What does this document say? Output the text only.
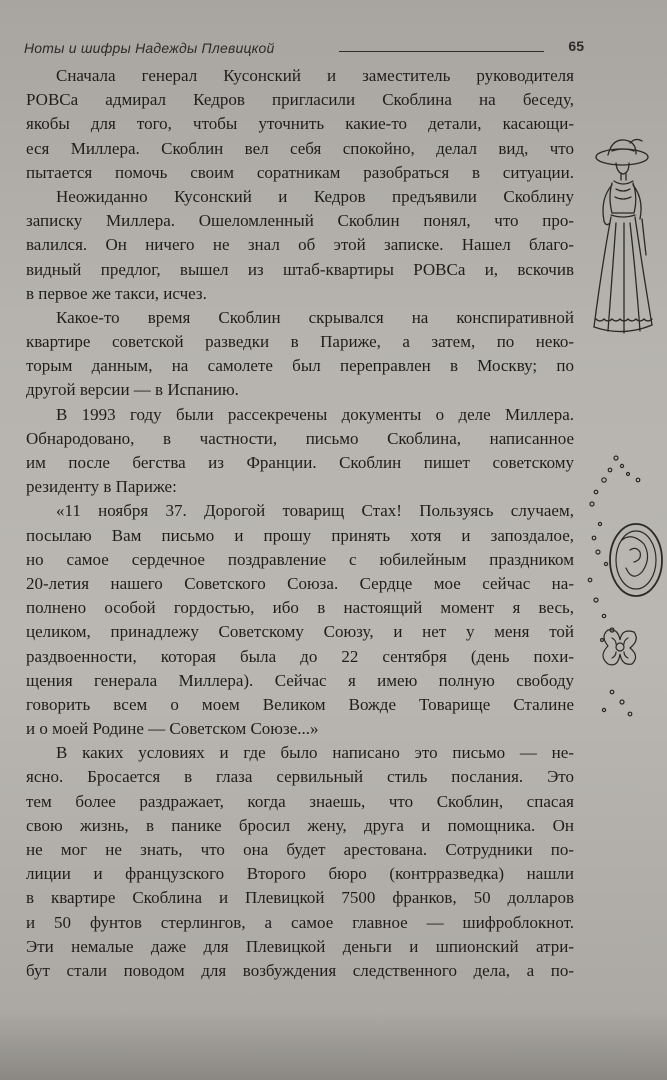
Ноты и шифры Надежды Плевицкой	65
Сначала генерал Кусонский и заместитель руководителя
РОВСа адмирал Кедров пригласили Скоблина на беседу,
якобы для того, чтобы уточнить какие-то детали, касающи-
еся Миллера. Скоблин вел себя спокойно, делал вид, что
пытается помочь своим соратникам разобраться в ситуации.
Неожиданно Кусонский и Кедров предъявили Скоблину
записку Миллера. Ошеломленный Скоблин понял, что про-
валился. Он ничего не знал об этой записке. Нашел благо-
видный предлог, вышел из штаб-квартиры РОВСа и, вскочив
в первое же такси, исчез.
Какое-то время Скоблин скрывался на конспиративной
квартире советской разведки в Париже, а затем, по неко-
торым данным, на самолете был переправлен в Москву; по
другой версии — в Испанию.
В 1993 году были рассекречены документы о деле Миллера.
Обнародовано, в частности, письмо Скоблина, написанное
им после бегства из Франции. Скоблин пишет советскому
резиденту в Париже:
«11 ноября 37. Дорогой товарищ Стах! Пользуясь случаем,
посылаю Вам письмо и прошу принять хотя и запоздалое,
но самое сердечное поздравление с юбилейным праздником
20-летия нашего Советского Союза. Сердце мое сейчас на-
полнено особой гордостью, ибо в настоящий момент я весь,
целиком, принадлежу Советскому Союзу, и нет у меня той
раздвоенности, которая была до 22 сентября (день похи-
щения генерала Миллера). Сейчас я имею полную свободу
говорить всем о моем Великом Вожде Товарище Сталине
и о моей Родине — Советском Союзе...»
В каких условиях и где было написано это письмо — не-
ясно. Бросается в глаза сервильный стиль послания. Это
тем более раздражает, когда знаешь, что Скоблин, спасая
свою жизнь, в панике бросил жену, друга и помощника. Он
не мог не знать, что она будет арестована. Сотрудники по-
лиции и французского Второго бюро (контрразведка) нашли
в квартире Скоблина и Плевицкой 7500 франков, 50 долларов
и 50 фунтов стерлингов, а самое главное — шифроблокнот.
Эти немалые даже для Плевицкой деньги и шпионский атри-
бут стали поводом для возбуждения следственного дела, а по-
